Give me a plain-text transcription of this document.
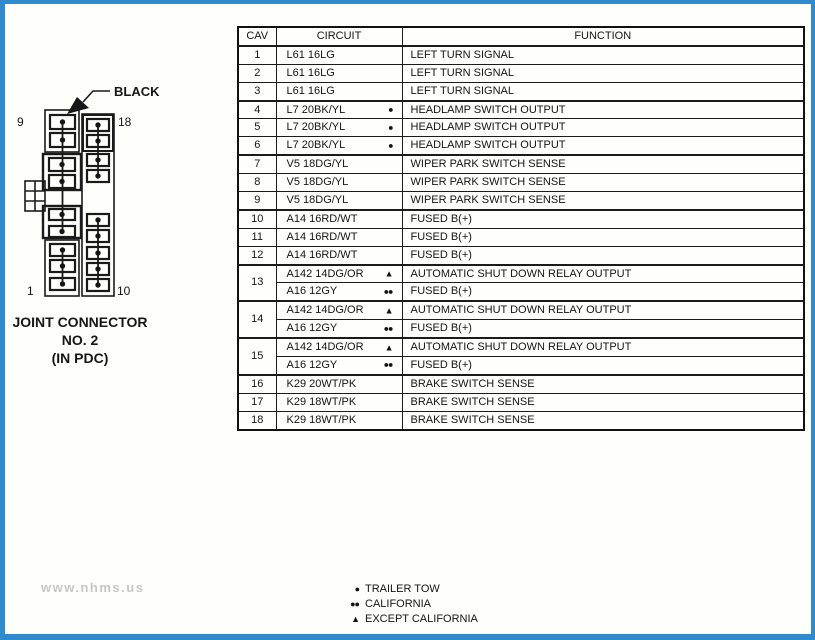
BLACK
9	18
1	10
JOINT CONNECTOR
NO. 2
(IN PDC)
CAV	CIRCUIT	FUNCTION
1	L61 16LG	LEFT TURN SIGNAL
2	L61 16LG	LEFT TURN SIGNAL
3	L61 16LG	LEFT TURN SIGNAL
4	L7 20BK/YL ●	HEADLAMP SWITCH OUTPUT
5	L7 20BK/YL ●	HEADLAMP SWITCH OUTPUT
6	L7 20BK/YL ●	HEADLAMP SWITCH OUTPUT
7	V5 18DG/YL	WIPER PARK SWITCH SENSE
8	V5 18DG/YL	WIPER PARK SWITCH SENSE
9	V5 18DG/YL	WIPER PARK SWITCH SENSE
10	A14 16RD/WT	FUSED B(+)
11	A14 16RD/WT	FUSED B(+)
12	A14 16RD/WT	FUSED B(+)
13	A142 14DG/OR ▲	AUTOMATIC SHUT DOWN RELAY OUTPUT
	A16 12GY ●●	FUSED B(+)
14	A142 14DG/OR ▲	AUTOMATIC SHUT DOWN RELAY OUTPUT
	A16 12GY ●●	FUSED B(+)
15	A142 14DG/OR ▲	AUTOMATIC SHUT DOWN RELAY OUTPUT
	A16 12GY ●●	FUSED B(+)
16	K29 20WT/PK	BRAKE SWITCH SENSE
17	K29 18WT/PK	BRAKE SWITCH SENSE
18	K29 18WT/PK	BRAKE SWITCH SENSE
● TRAILER TOW
●● CALIFORNIA
▲ EXCEPT CALIFORNIA
www.nhms.us
